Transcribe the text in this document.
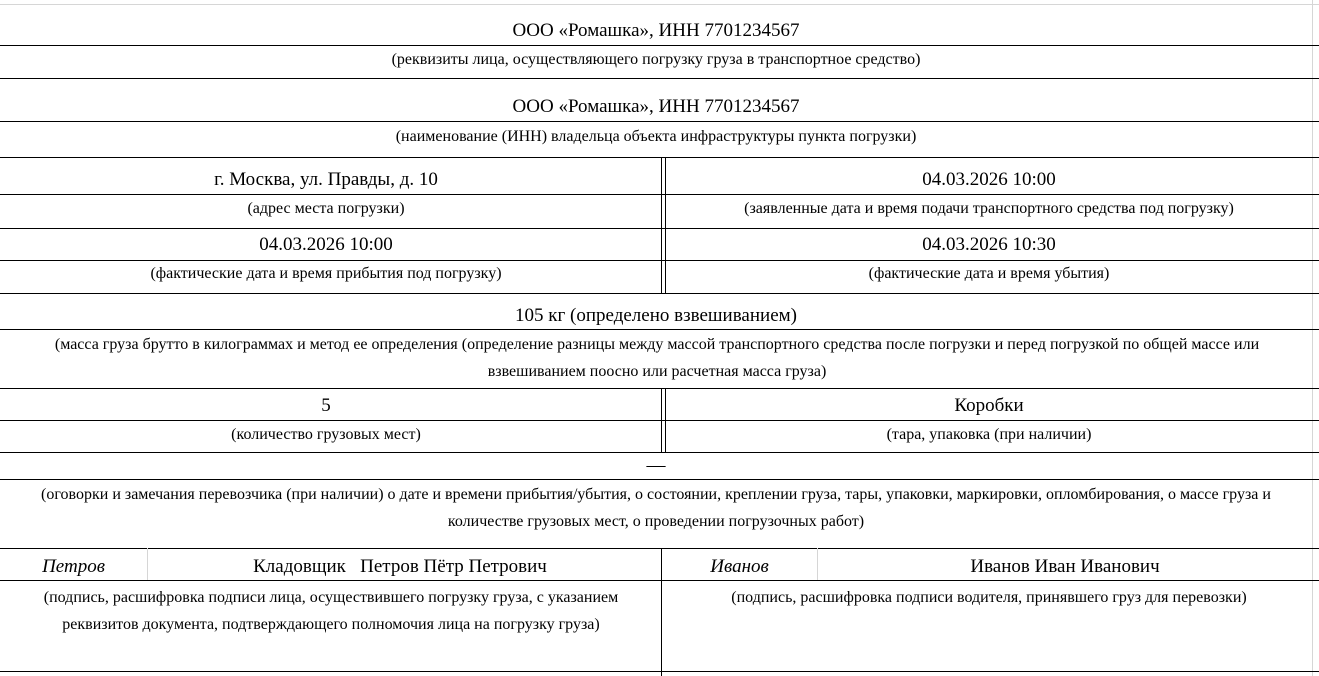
ООО «Ромашка», ИНН 7701234567
(реквизиты лица, осуществляющего погрузку груза в транспортное средство)
ООО «Ромашка», ИНН 7701234567
(наименование (ИНН) владельца объекта инфраструктуры пункта погрузки)
г. Москва, ул. Правды, д. 10	04.03.2026 10:00
(адрес места погрузки)	(заявленные дата и время подачи транспортного средства под погрузку)
04.03.2026 10:00	04.03.2026 10:30
(фактические дата и время прибытия под погрузку)	(фактические дата и время убытия)
105 кг (определено взвешиванием)
(масса груза брутто в килограммах и метод ее определения (определение разницы между массой транспортного средства после погрузки и перед погрузкой по общей массе или взвешиванием поосно или расчетная масса груза)
5	Коробки
(количество грузовых мест)	(тара, упаковка (при наличии)
—
(оговорки и замечания перевозчика (при наличии) о дате и времени прибытия/убытия, о состоянии, креплении груза, тары, упаковки, маркировки, опломбирования, о массе груза и количестве грузовых мест, о проведении погрузочных работ)
Петров	Кладовщик   Петров Пётр Петрович	Иванов	Иванов Иван Иванович
(подпись, расшифровка подписи лица, осуществившего погрузку груза, с указанием реквизитов документа, подтверждающего полномочия лица на погрузку груза)
(подпись, расшифровка подписи водителя, принявшего груз для перевозки)
